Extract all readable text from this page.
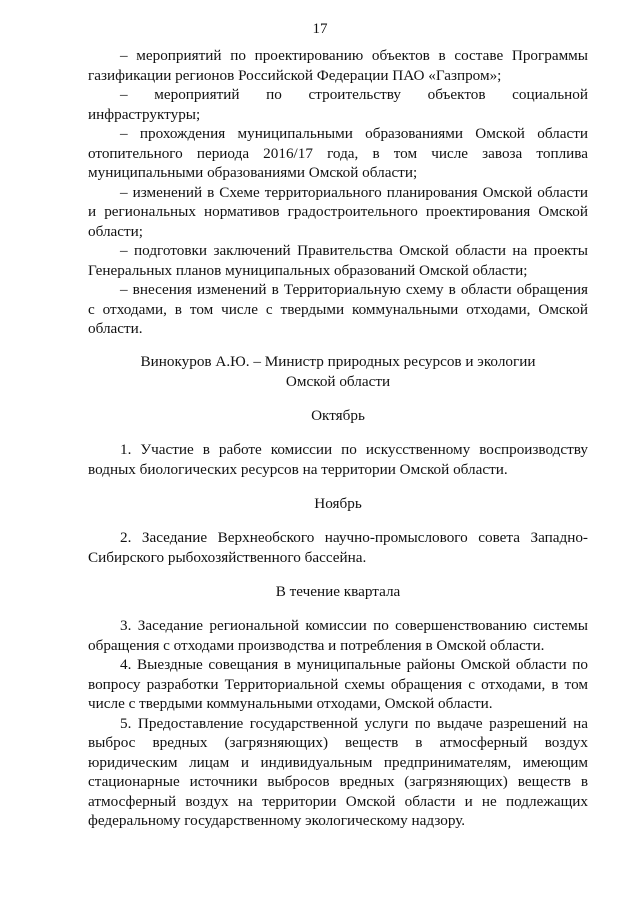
17

– мероприятий по проектированию объектов в составе Программы газификации регионов Российской Федерации ПАО «Газпром»;

– мероприятий по строительству объектов социальной инфраструктуры;

– прохождения муниципальными образованиями Омской области отопительного периода 2016/17 года, в том числе завоза топлива муниципальными образованиями Омской области;

– изменений в Схеме территориального планирования Омской области и региональных нормативов градостроительного проектирования Омской области;

– подготовки заключений Правительства Омской области на проекты Генеральных планов муниципальных образований Омской области;

– внесения изменений в Территориальную схему в области обращения с отходами, в том числе с твердыми коммунальными отходами, Омской области.

Винокуров А.Ю. – Министр природных ресурсов и экологии

Омской области

Октябрь

1. Участие в работе комиссии по искусственному воспроизводству водных биологических ресурсов на территории Омской области.

Ноябрь

2. Заседание Верхнеобского научно-промыслового совета Западно-Сибирского рыбохозяйственного бассейна.

В течение квартала

3. Заседание региональной комиссии по совершенствованию системы обращения с отходами производства и потребления в Омской области.

4. Выездные совещания в муниципальные районы Омской области по вопросу разработки Территориальной схемы обращения с отходами, в том числе с твердыми коммунальными отходами, Омской области.

5. Предоставление государственной услуги по выдаче разрешений на выброс вредных (загрязняющих) веществ в атмосферный воздух юридическим лицам и индивидуальным предпринимателям, имеющим стационарные источники выбросов вредных (загрязняющих) веществ в атмосферный воздух на территории Омской области и не подлежащих федеральному государственному экологическому надзору.
